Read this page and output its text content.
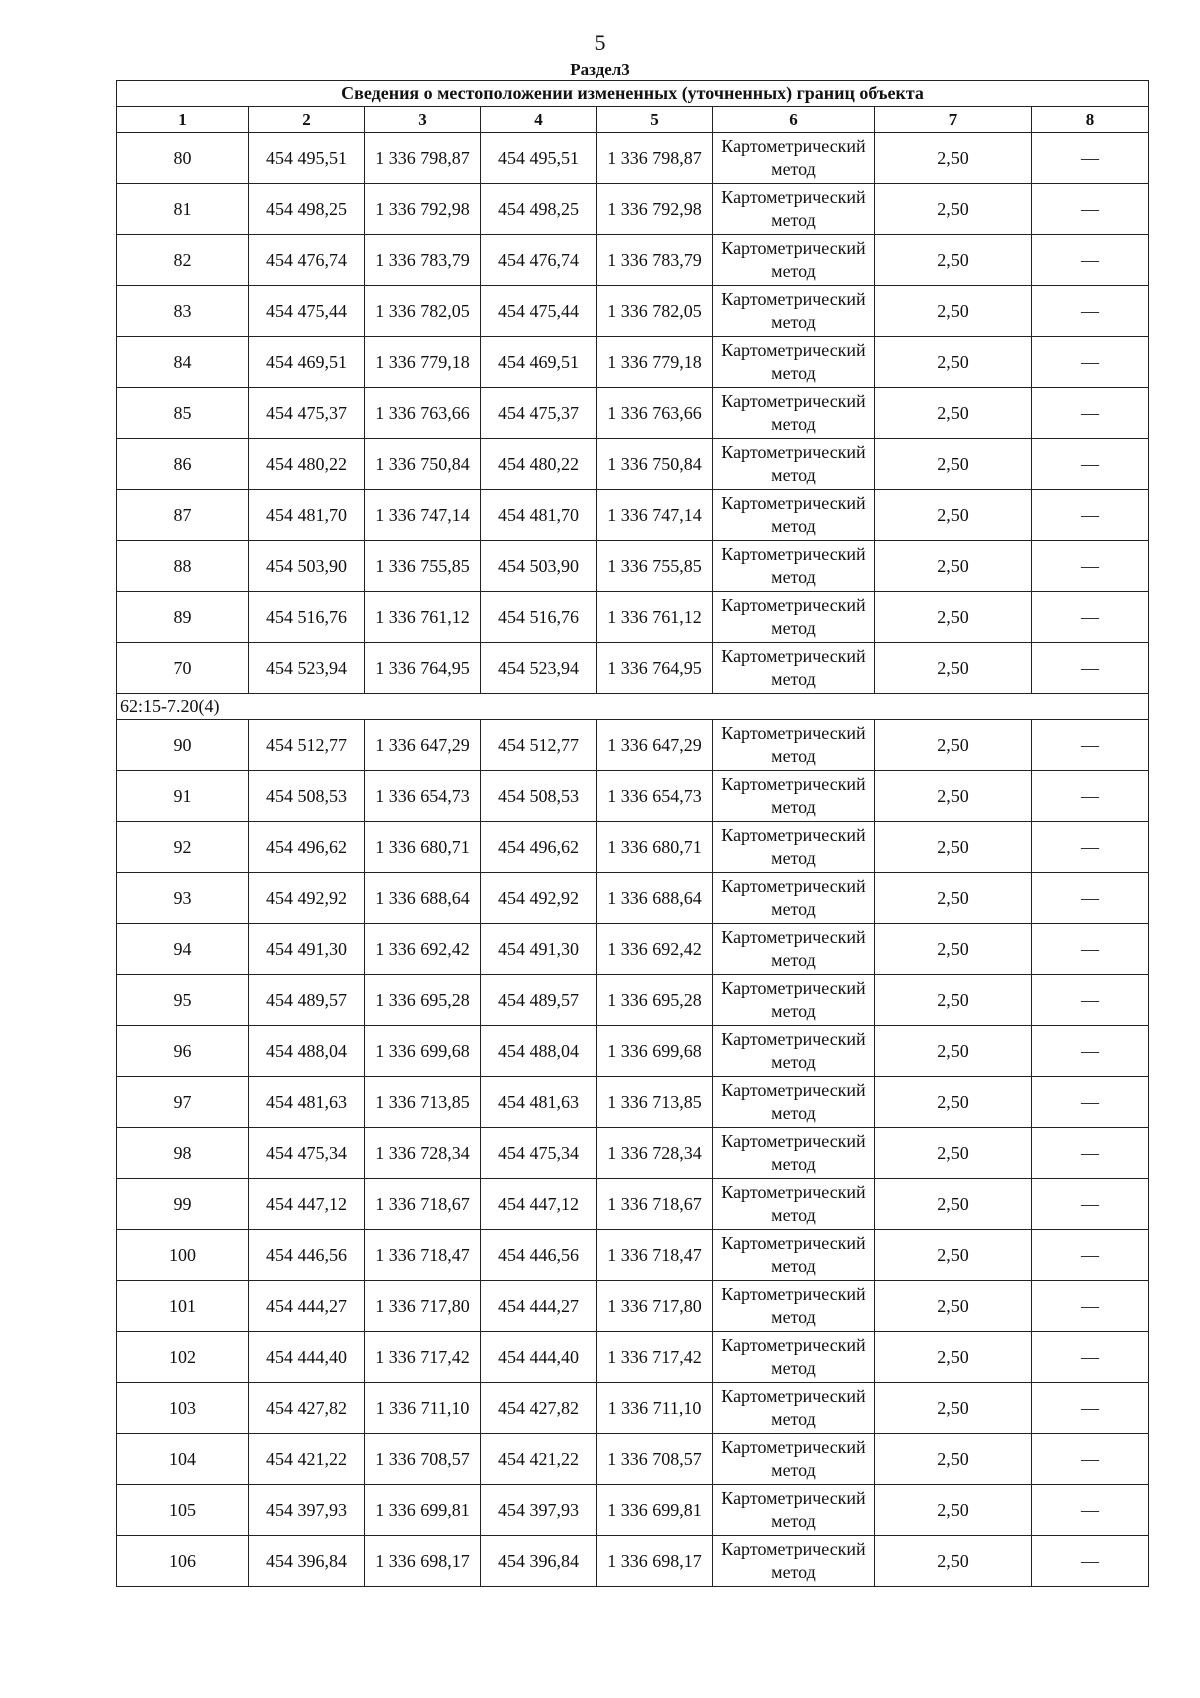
5
Раздел3
Сведения о местоположении измененных (уточненных) границ объекта							
1	2	3	4	5	6	7	8
80	454 495,51	1 336 798,87	454 495,51	1 336 798,87	Картометрический метод	2,50	—
81	454 498,25	1 336 792,98	454 498,25	1 336 792,98	Картометрический метод	2,50	—
82	454 476,74	1 336 783,79	454 476,74	1 336 783,79	Картометрический метод	2,50	—
83	454 475,44	1 336 782,05	454 475,44	1 336 782,05	Картометрический метод	2,50	—
84	454 469,51	1 336 779,18	454 469,51	1 336 779,18	Картометрический метод	2,50	—
85	454 475,37	1 336 763,66	454 475,37	1 336 763,66	Картометрический метод	2,50	—
86	454 480,22	1 336 750,84	454 480,22	1 336 750,84	Картометрический метод	2,50	—
87	454 481,70	1 336 747,14	454 481,70	1 336 747,14	Картометрический метод	2,50	—
88	454 503,90	1 336 755,85	454 503,90	1 336 755,85	Картометрический метод	2,50	—
89	454 516,76	1 336 761,12	454 516,76	1 336 761,12	Картометрический метод	2,50	—
70	454 523,94	1 336 764,95	454 523,94	1 336 764,95	Картометрический метод	2,50	—
62:15-7.20(4)							
90	454 512,77	1 336 647,29	454 512,77	1 336 647,29	Картометрический метод	2,50	—
91	454 508,53	1 336 654,73	454 508,53	1 336 654,73	Картометрический метод	2,50	—
92	454 496,62	1 336 680,71	454 496,62	1 336 680,71	Картометрический метод	2,50	—
93	454 492,92	1 336 688,64	454 492,92	1 336 688,64	Картометрический метод	2,50	—
94	454 491,30	1 336 692,42	454 491,30	1 336 692,42	Картометрический метод	2,50	—
95	454 489,57	1 336 695,28	454 489,57	1 336 695,28	Картометрический метод	2,50	—
96	454 488,04	1 336 699,68	454 488,04	1 336 699,68	Картометрический метод	2,50	—
97	454 481,63	1 336 713,85	454 481,63	1 336 713,85	Картометрический метод	2,50	—
98	454 475,34	1 336 728,34	454 475,34	1 336 728,34	Картометрический метод	2,50	—
99	454 447,12	1 336 718,67	454 447,12	1 336 718,67	Картометрический метод	2,50	—
100	454 446,56	1 336 718,47	454 446,56	1 336 718,47	Картометрический метод	2,50	—
101	454 444,27	1 336 717,80	454 444,27	1 336 717,80	Картометрический метод	2,50	—
102	454 444,40	1 336 717,42	454 444,40	1 336 717,42	Картометрический метод	2,50	—
103	454 427,82	1 336 711,10	454 427,82	1 336 711,10	Картометрический метод	2,50	—
104	454 421,22	1 336 708,57	454 421,22	1 336 708,57	Картометрический метод	2,50	—
105	454 397,93	1 336 699,81	454 397,93	1 336 699,81	Картометрический метод	2,50	—
106	454 396,84	1 336 698,17	454 396,84	1 336 698,17	Картометрический метод	2,50	—
